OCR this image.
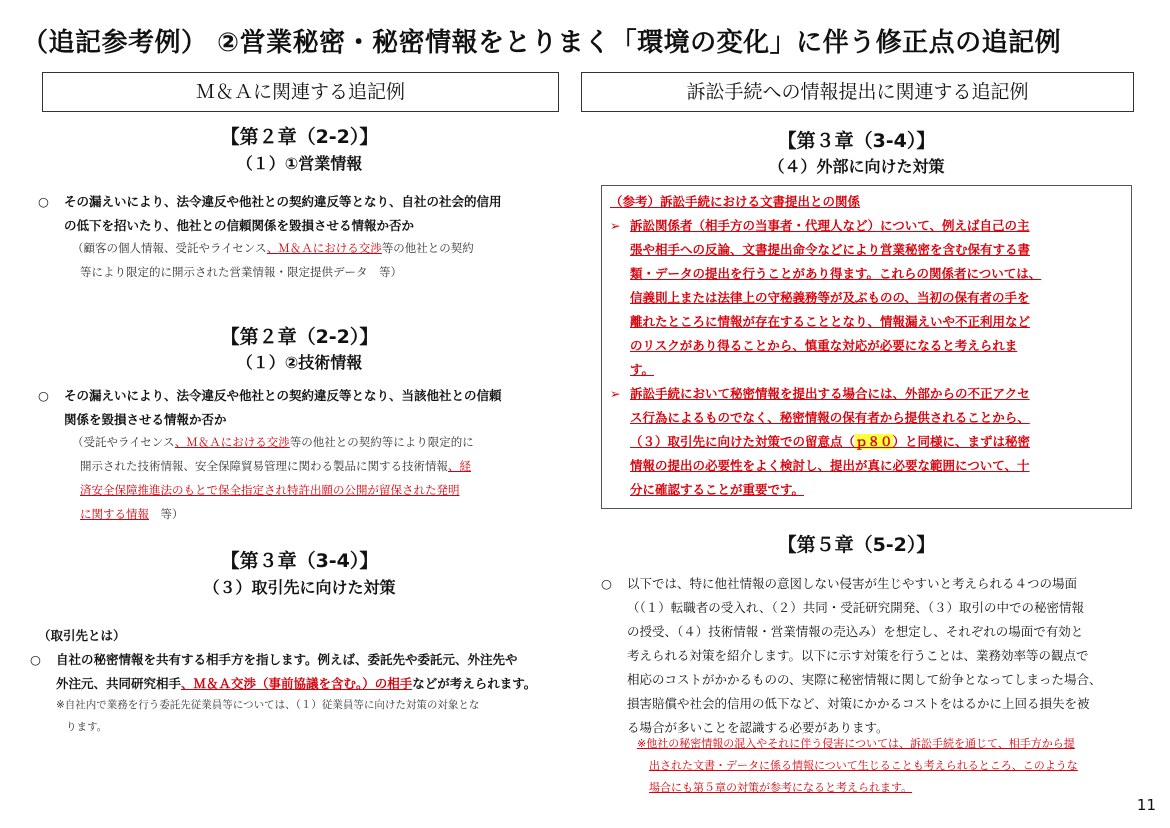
（追記参考例） ②営業秘密・秘密情報をとりまく「環境の変化」に伴う修正点の追記例
Ｍ＆Ａに関連する追記例
【第２章（2-2）】
（１）①営業情報
○ その漏えいにより、法令違反や他社との契約違反等となり、自社の社会的信用
の低下を招いたり、他社との信頼関係を毀損させる情報か否か
（顧客の個人情報、受託やライセンス、Ｍ＆Ａにおける交渉等の他社との契約
等により限定的に開示された営業情報・限定提供データ　等）
【第２章（2-2）】
（１）②技術情報
○ その漏えいにより、法令違反や他社との契約違反等となり、当該他社との信頼
関係を毀損させる情報か否か
（受託やライセンス、Ｍ＆Ａにおける交渉等の他社との契約等により限定的に
開示された技術情報、安全保障貿易管理に関わる製品に関する技術情報、経
済安全保障推進法のもとで保全指定され特許出願の公開が留保された発明
に関する情報　等）
【第３章（3-4）】
（３）取引先に向けた対策
（取引先とは）
○ 自社の秘密情報を共有する相手方を指します。例えば、委託先や委託元、外注先や
外注元、共同研究相手、Ｍ＆Ａ交渉（事前協議を含む。）の相手などが考えられます。
※自社内で業務を行う委託先従業員等については、（１）従業員等に向けた対策の対象とな
ります。
訴訟手続への情報提出に関連する追記例
【第３章（3-4）】
（４）外部に向けた対策
（参考）訴訟手続における文書提出との関係
➢ 訴訟関係者（相手方の当事者・代理人など）について、例えば自己の主
張や相手への反論、文書提出命令などにより営業秘密を含む保有する書
類・データの提出を行うことがあり得ます。これらの関係者については、
信義則上または法律上の守秘義務等が及ぶものの、当初の保有者の手を
離れたところに情報が存在することとなり、情報漏えいや不正利用など
のリスクがあり得ることから、慎重な対応が必要になると考えられま
す。
➢ 訴訟手続において秘密情報を提出する場合には、外部からの不正アクセ
ス行為によるものでなく、秘密情報の保有者から提供されることから、
（３）取引先に向けた対策での留意点（ｐ８０）と同様に、まずは秘密
情報の提出の必要性をよく検討し、提出が真に必要な範囲について、十
分に確認することが重要です。
【第５章（5-2）】
○ 以下では、特に他社情報の意図しない侵害が生じやすいと考えられる４つの場面
（（１）転職者の受入れ、（２）共同・受託研究開発、（３）取引の中での秘密情報
の授受、（４）技術情報・営業情報の売込み）を想定し、それぞれの場面で有効と
考えられる対策を紹介します。以下に示す対策を行うことは、業務効率等の観点で
相応のコストがかかるものの、実際に秘密情報に関して紛争となってしまった場合、
損害賠償や社会的信用の低下など、対策にかかるコストをはるかに上回る損失を被
る場合が多いことを認識する必要があります。
※他社の秘密情報の混入やそれに伴う侵害については、訴訟手続を通じて、相手方から提
出された文書・データに係る情報について生じることも考えられるところ、このような
場合にも第５章の対策が参考になると考えられます。
11
